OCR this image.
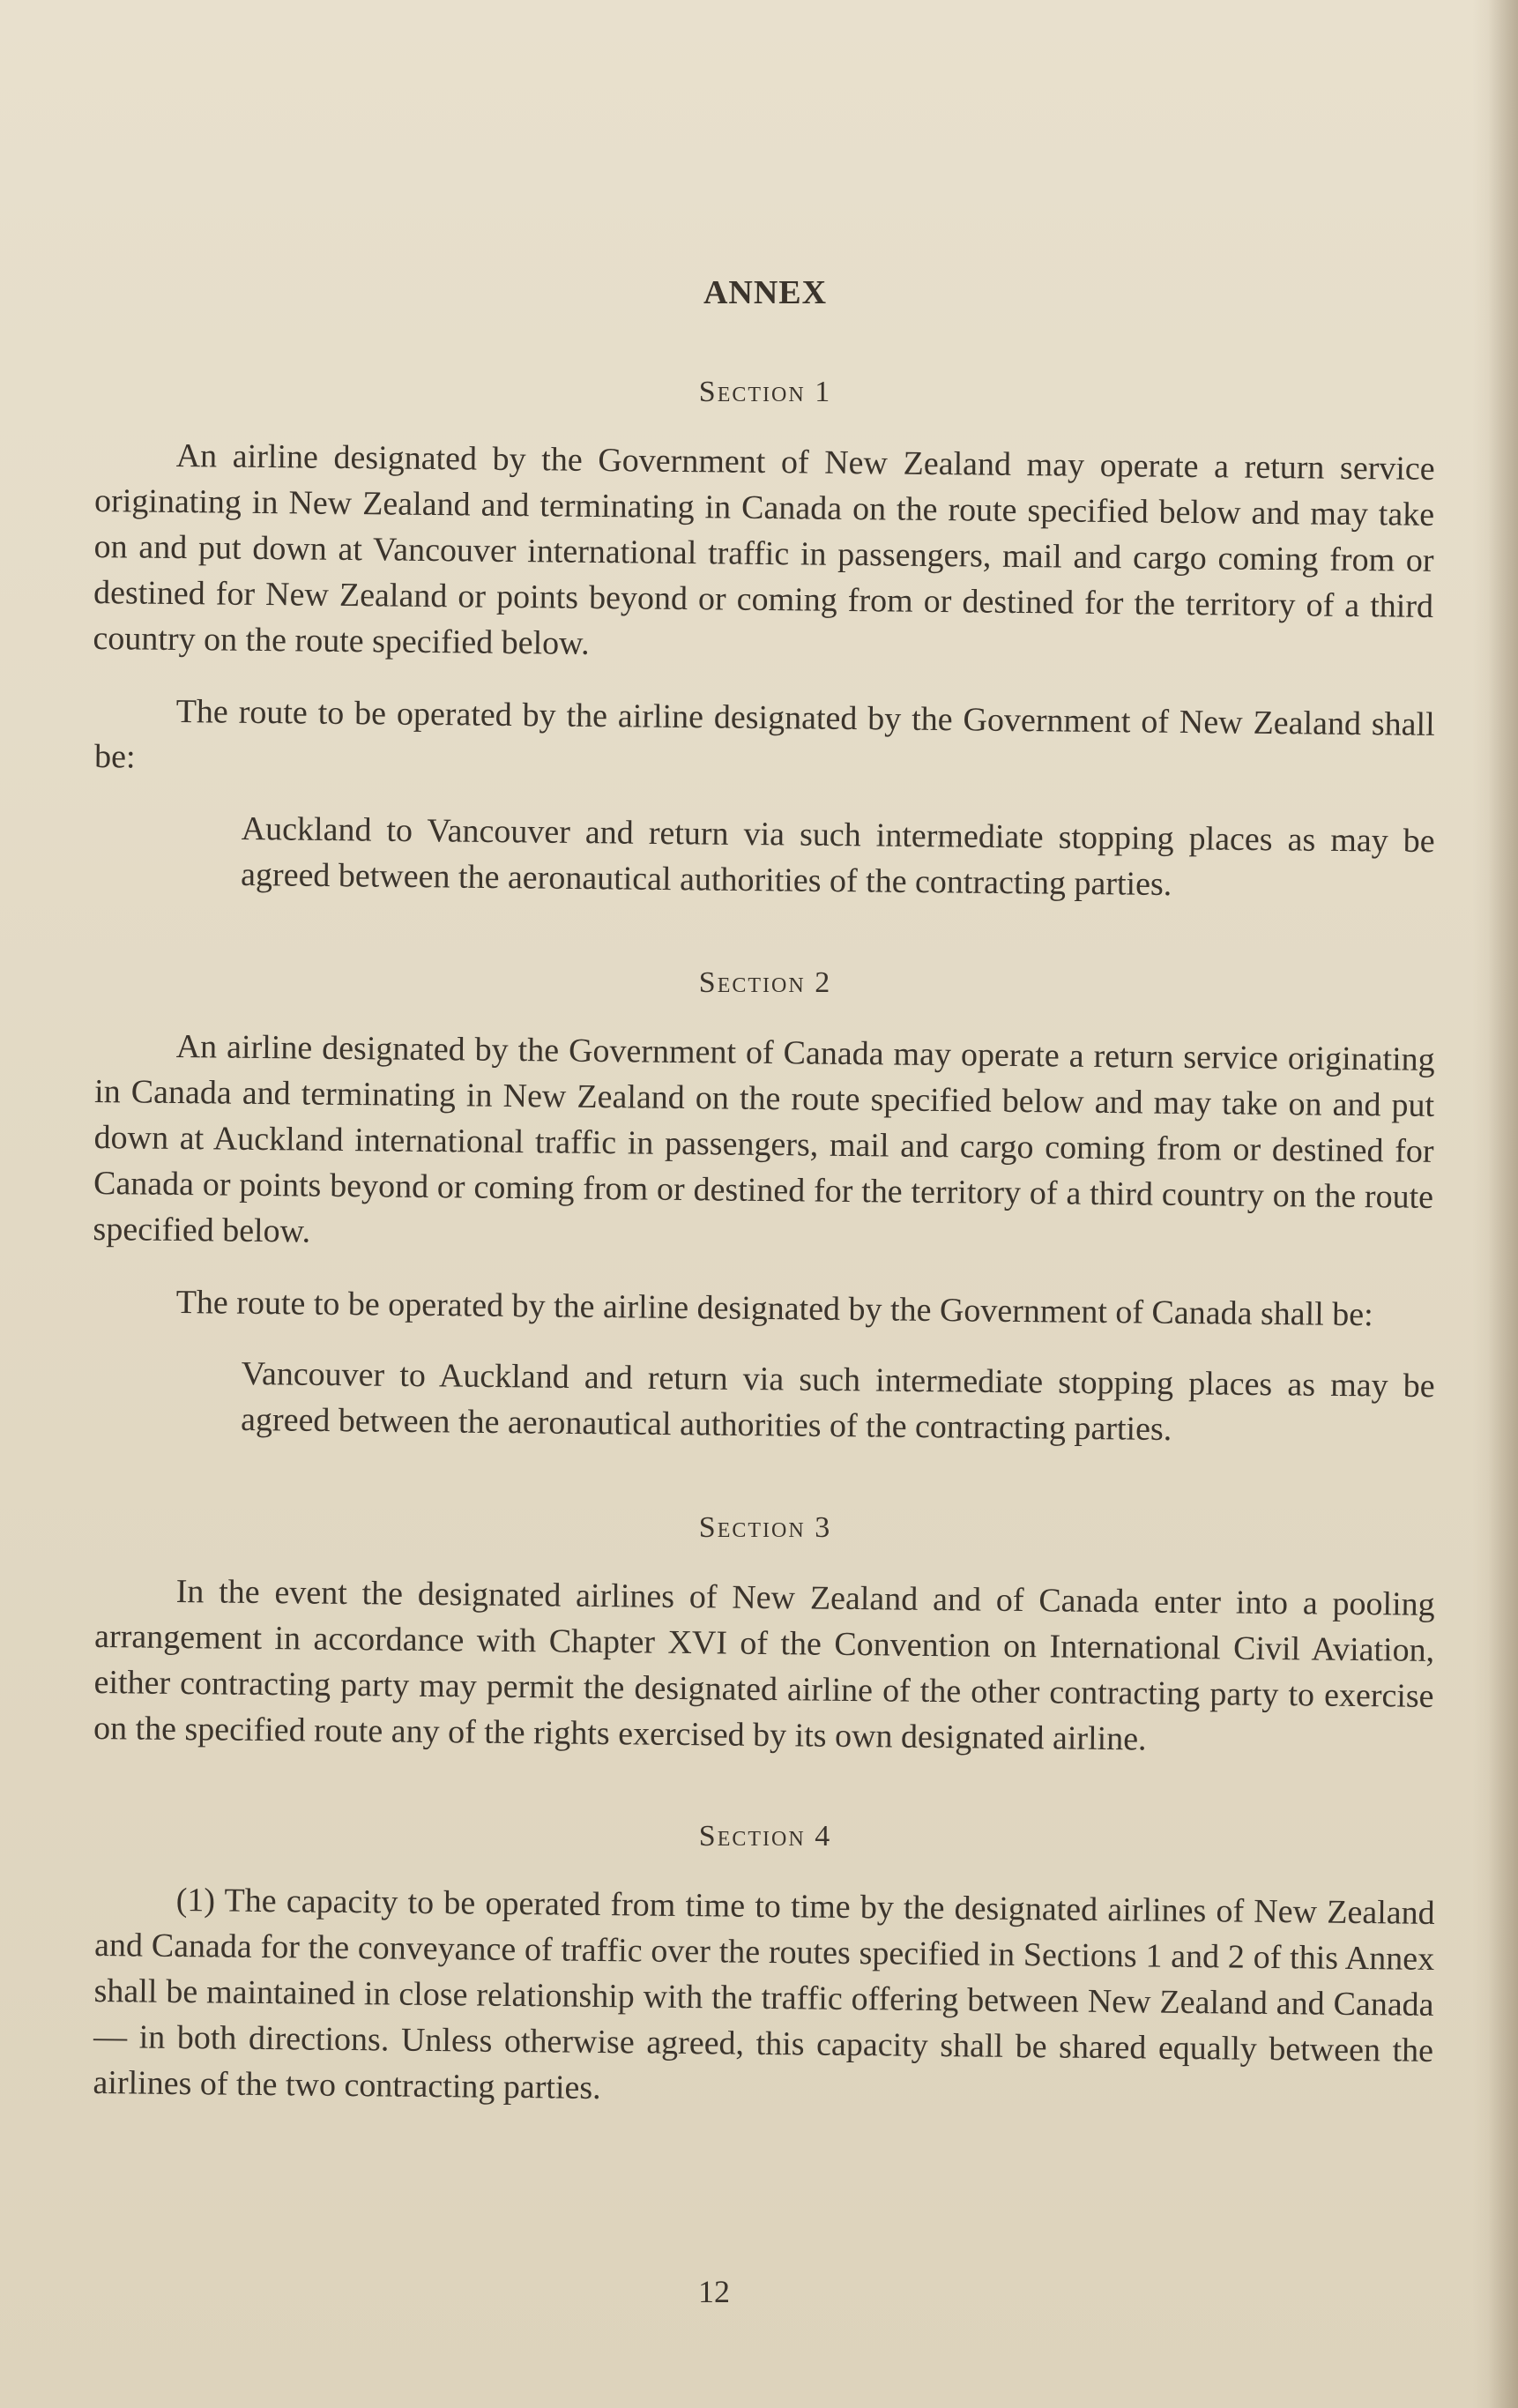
ANNEX
Section 1

An airline designated by the Government of New Zealand may operate a return service originating in New Zealand and terminating in Canada on the route specified below and may take on and put down at Vancouver international traffic in passengers, mail and cargo coming from or destined for New Zealand or points beyond or coming from or destined for the territory of a third country on the route specified below.

The route to be operated by the airline designated by the Government of New Zealand shall be:

Auckland to Vancouver and return via such intermediate stopping places as may be agreed between the aeronautical authorities of the contracting parties.

Section 2

An airline designated by the Government of Canada may operate a return service originating in Canada and terminating in New Zealand on the route specified below and may take on and put down at Auckland international traffic in passengers, mail and cargo coming from or destined for Canada or points beyond or coming from or destined for the territory of a third country on the route specified below.

The route to be operated by the airline designated by the Government of Canada shall be:

Vancouver to Auckland and return via such intermediate stopping places as may be agreed between the aeronautical authorities of the contracting parties.

Section 3

In the event the designated airlines of New Zealand and of Canada enter into a pooling arrangement in accordance with Chapter XVI of the Convention on International Civil Aviation, either contracting party may permit the designated airline of the other contracting party to exercise on the specified route any of the rights exercised by its own designated airline.

Section 4

(1) The capacity to be operated from time to time by the designated airlines of New Zealand and Canada for the conveyance of traffic over the routes specified in Sections 1 and 2 of this Annex shall be maintained in close relationship with the traffic offering between New Zealand and Canada — in both directions. Unless otherwise agreed, this capacity shall be shared equally between the airlines of the two contracting parties.

12
